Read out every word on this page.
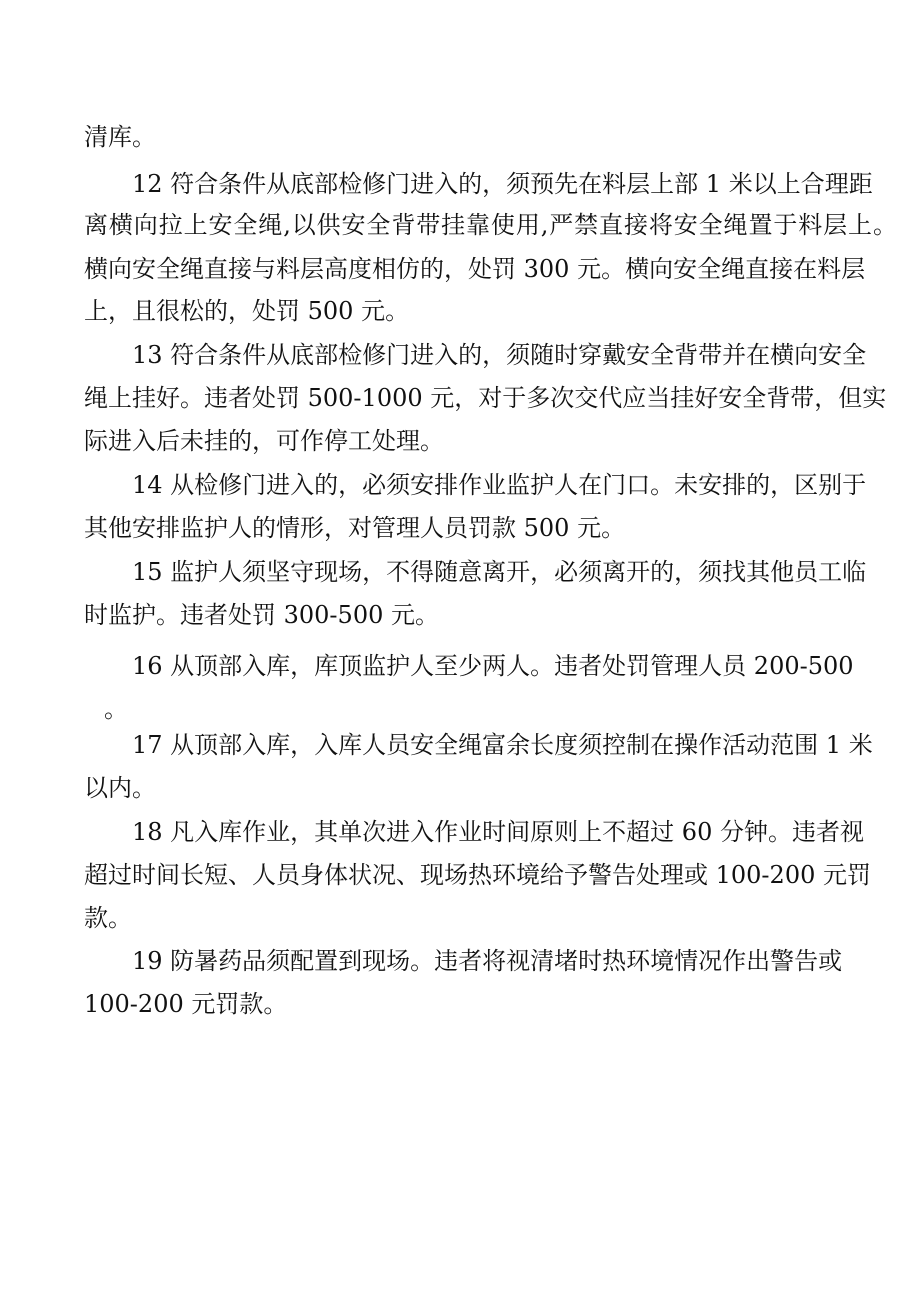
清库。
12 符合条件从底部检修门进入的，须预先在料层上部 1 米以上合理距
离横向拉上安全绳,以供安全背带挂靠使用,严禁直接将安全绳置于料层上。
横向安全绳直接与料层高度相仿的，处罚 300 元。横向安全绳直接在料层
上，且很松的，处罚 500 元。
13 符合条件从底部检修门进入的，须随时穿戴安全背带并在横向安全
绳上挂好。违者处罚 500-1000 元，对于多次交代应当挂好安全背带，但实
际进入后未挂的，可作停工处理。
14 从检修门进入的，必须安排作业监护人在门口。未安排的，区别于
其他安排监护人的情形，对管理人员罚款 500 元。
15 监护人须坚守现场，不得随意离开，必须离开的，须找其他员工临
时监护。违者处罚 300-500 元。
16 从顶部入库，库顶监护人至少两人。违者处罚管理人员 200-500
。
17 从顶部入库，入库人员安全绳富余长度须控制在操作活动范围 1 米
以内。
18 凡入库作业，其单次进入作业时间原则上不超过 60 分钟。违者视
超过时间长短、人员身体状况、现场热环境给予警告处理或 100-200 元罚
款。
19 防暑药品须配置到现场。违者将视清堵时热环境情况作出警告或
100-200 元罚款。
